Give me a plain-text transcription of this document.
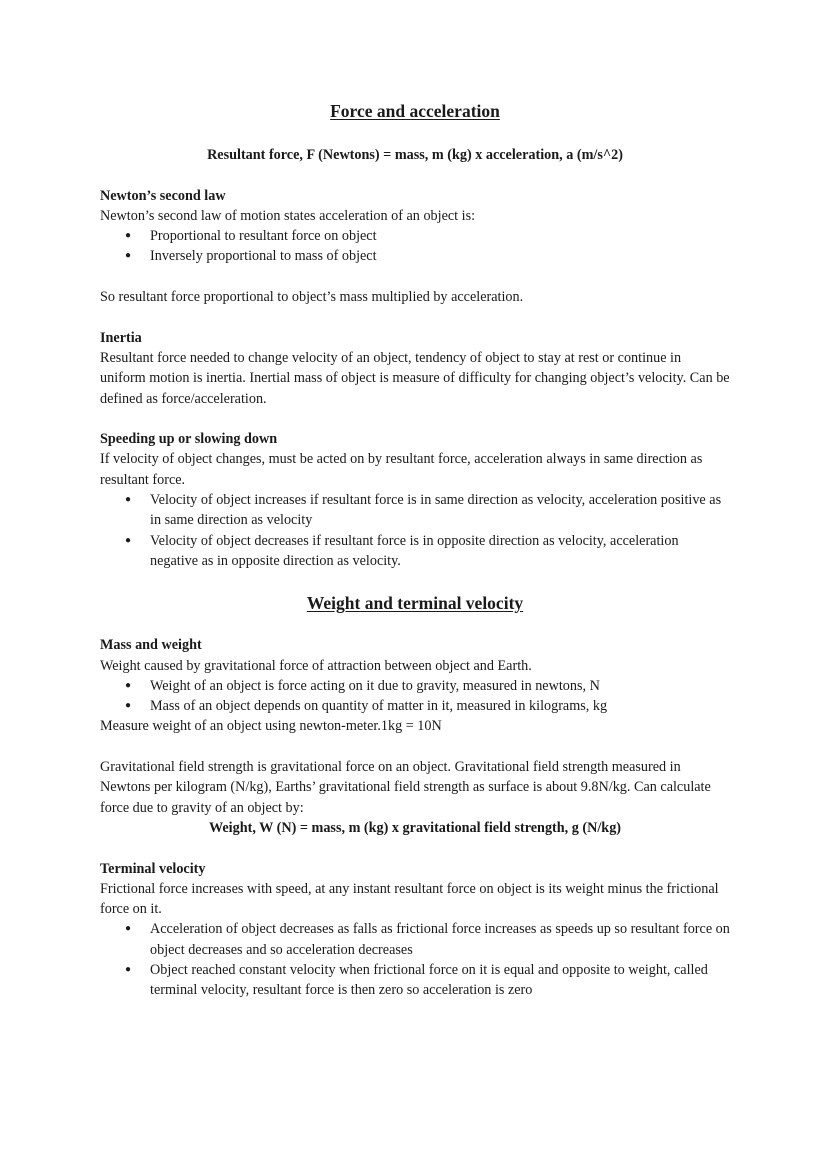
Force and acceleration

Resultant force, F (Newtons) = mass, m (kg) x acceleration, a (m/s^2)

Newton’s second law

Newton’s second law of motion states acceleration of an object is:

● Proportional to resultant force on object
● Inversely proportional to mass of object

So resultant force proportional to object’s mass multiplied by acceleration.

Inertia

Resultant force needed to change velocity of an object, tendency of object to stay at rest or continue in uniform motion is inertia. Inertial mass of object is measure of difficulty for changing object’s velocity. Can be defined as force/acceleration.

Speeding up or slowing down

If velocity of object changes, must be acted on by resultant force, acceleration always in same direction as resultant force.

● Velocity of object increases if resultant force is in same direction as velocity, acceleration positive as in same direction as velocity
● Velocity of object decreases if resultant force is in opposite direction as velocity, acceleration negative as in opposite direction as velocity.
Weight and terminal velocity

Mass and weight

Weight caused by gravitational force of attraction between object and Earth.

● Weight of an object is force acting on it due to gravity, measured in newtons, N
● Mass of an object depends on quantity of matter in it, measured in kilograms, kg

Measure weight of an object using newton-meter.1kg = 10N

Gravitational field strength is gravitational force on an object. Gravitational field strength measured in Newtons per kilogram (N/kg), Earths’ gravitational field strength as surface is about 9.8N/kg. Can calculate force due to gravity of an object by:

Weight, W (N) = mass, m (kg) x gravitational field strength, g (N/kg)

Terminal velocity

Frictional force increases with speed, at any instant resultant force on object is its weight minus the frictional force on it.

● Acceleration of object decreases as falls as frictional force increases as speeds up so resultant force on object decreases and so acceleration decreases
● Object reached constant velocity when frictional force on it is equal and opposite to weight, called terminal velocity, resultant force is then zero so acceleration is zero
